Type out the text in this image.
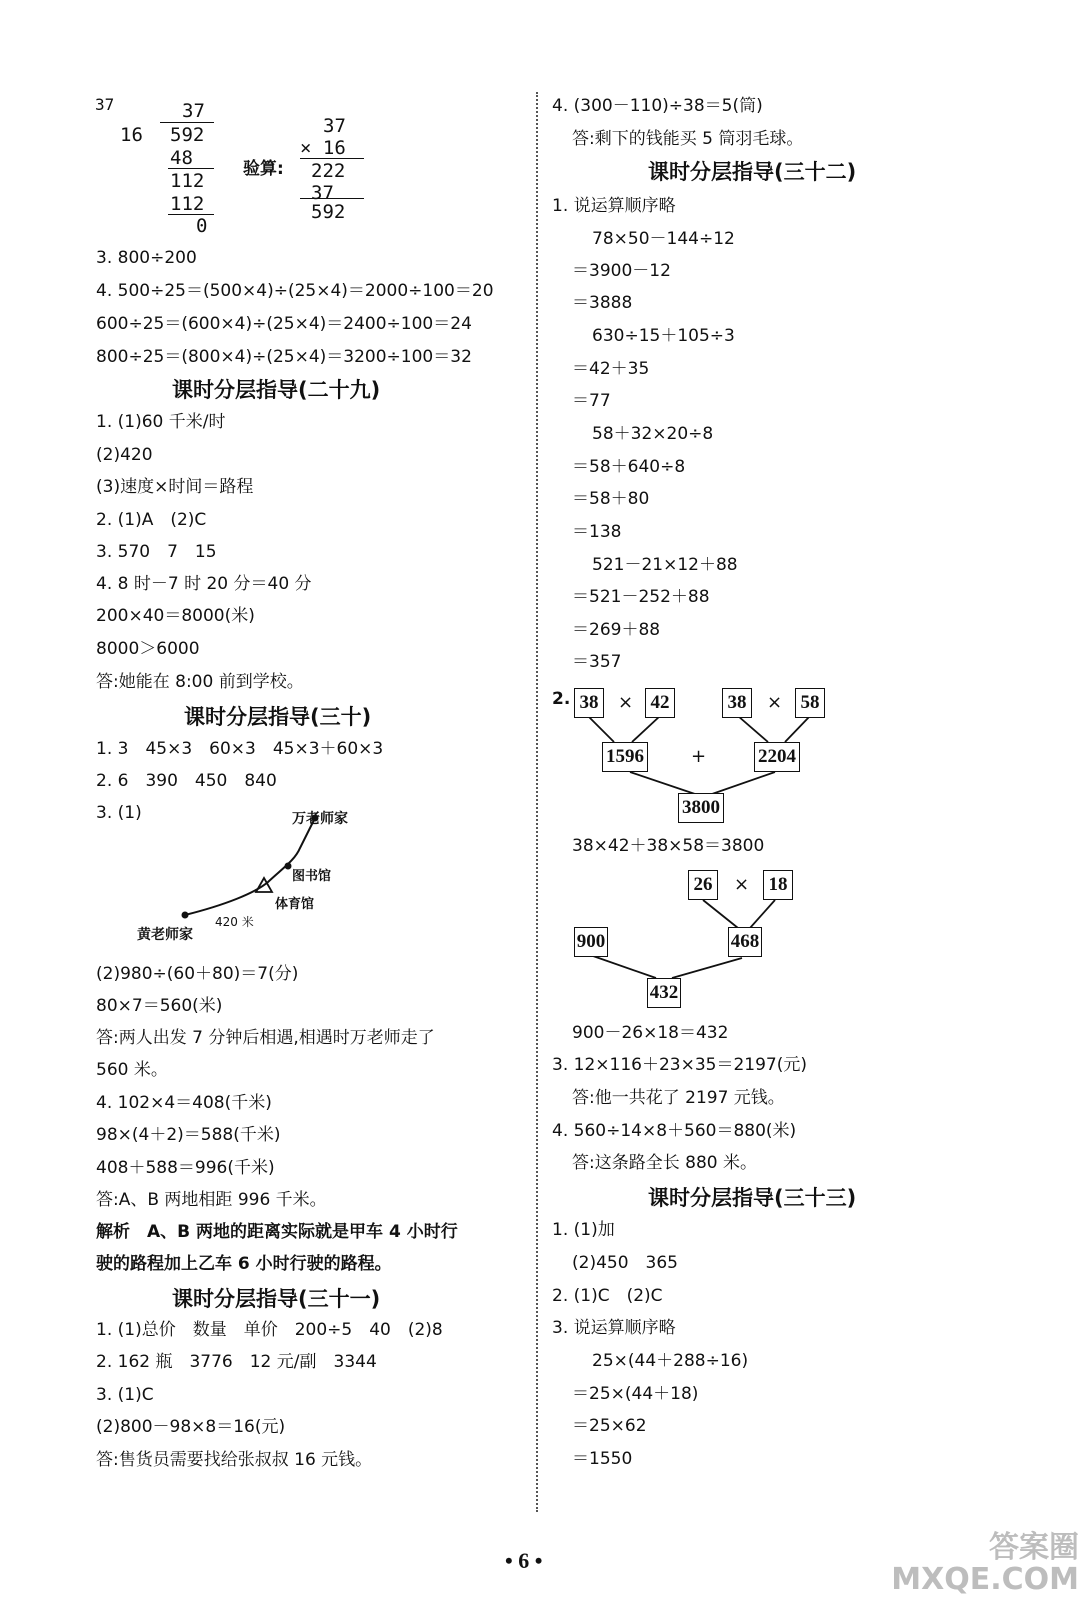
37	37
16 592
48
112
112
0
验算:
37
× 16
222
37
592
3. 800÷200
4. 500÷25＝(500×4)÷(25×4)＝2000÷100＝20
600÷25＝(600×4)÷(25×4)＝2400÷100＝24
800÷25＝(800×4)÷(25×4)＝3200÷100＝32
课时分层指导(二十九)
1. (1)60 千米/时
(2)420
(3)速度×时间＝路程
2. (1)A　(2)C
3. 570　7　15
4. 8 时－7 时 20 分＝40 分
200×40＝8000(米)
8000＞6000
答:她能在 8:00 前到学校。
课时分层指导(三十)
1. 3　45×3　60×3　45×3＋60×3
2. 6　390　450　840
3. (1)	万老师家
图书馆
体育馆
420 米
黄老师家
(2)980÷(60＋80)＝7(分)
80×7＝560(米)
答:两人出发 7 分钟后相遇,相遇时万老师走了
560 米。
4. 102×4＝408(千米)
98×(4＋2)＝588(千米)
408＋588＝996(千米)
答:A、B 两地相距 996 千米。
解析　A、B 两地的距离实际就是甲车 4 小时行
驶的路程加上乙车 6 小时行驶的路程。
课时分层指导(三十一)
1. (1)总价　数量　单价　200÷5　40　(2)8
2. 162 瓶　3776　12 元/副　3344
3. (1)C
(2)800－98×8＝16(元)
答:售货员需要找给张叔叔 16 元钱。
4. (300－110)÷38＝5(筒)
答:剩下的钱能买 5 筒羽毛球。
课时分层指导(三十二)
1. 说运算顺序略
78×50－144÷12
＝3900－12
＝3888
630÷15＋105÷3
＝42＋35
＝77
58＋32×20÷8
＝58＋640÷8
＝58＋80
＝138
521－21×12＋88
＝521－252＋88
＝269＋88
＝357
2. 38	× 42	38	× 58
1596	+	2204
3800
38×42＋38×58＝3800
26	× 18
900	468
432
900－26×18＝432
3. 12×116＋23×35＝2197(元)
答:他一共花了 2197 元钱。
4. 560÷14×8＋560＝880(米)
答:这条路全长 880 米。
课时分层指导(三十三)
1. (1)加
(2)450　365
2. (1)C　(2)C
3. 说运算顺序略
25×(44＋288÷16)
＝25×(44＋18)
＝25×62
＝1550
• 6 •	答案圈
MXQE.COM
